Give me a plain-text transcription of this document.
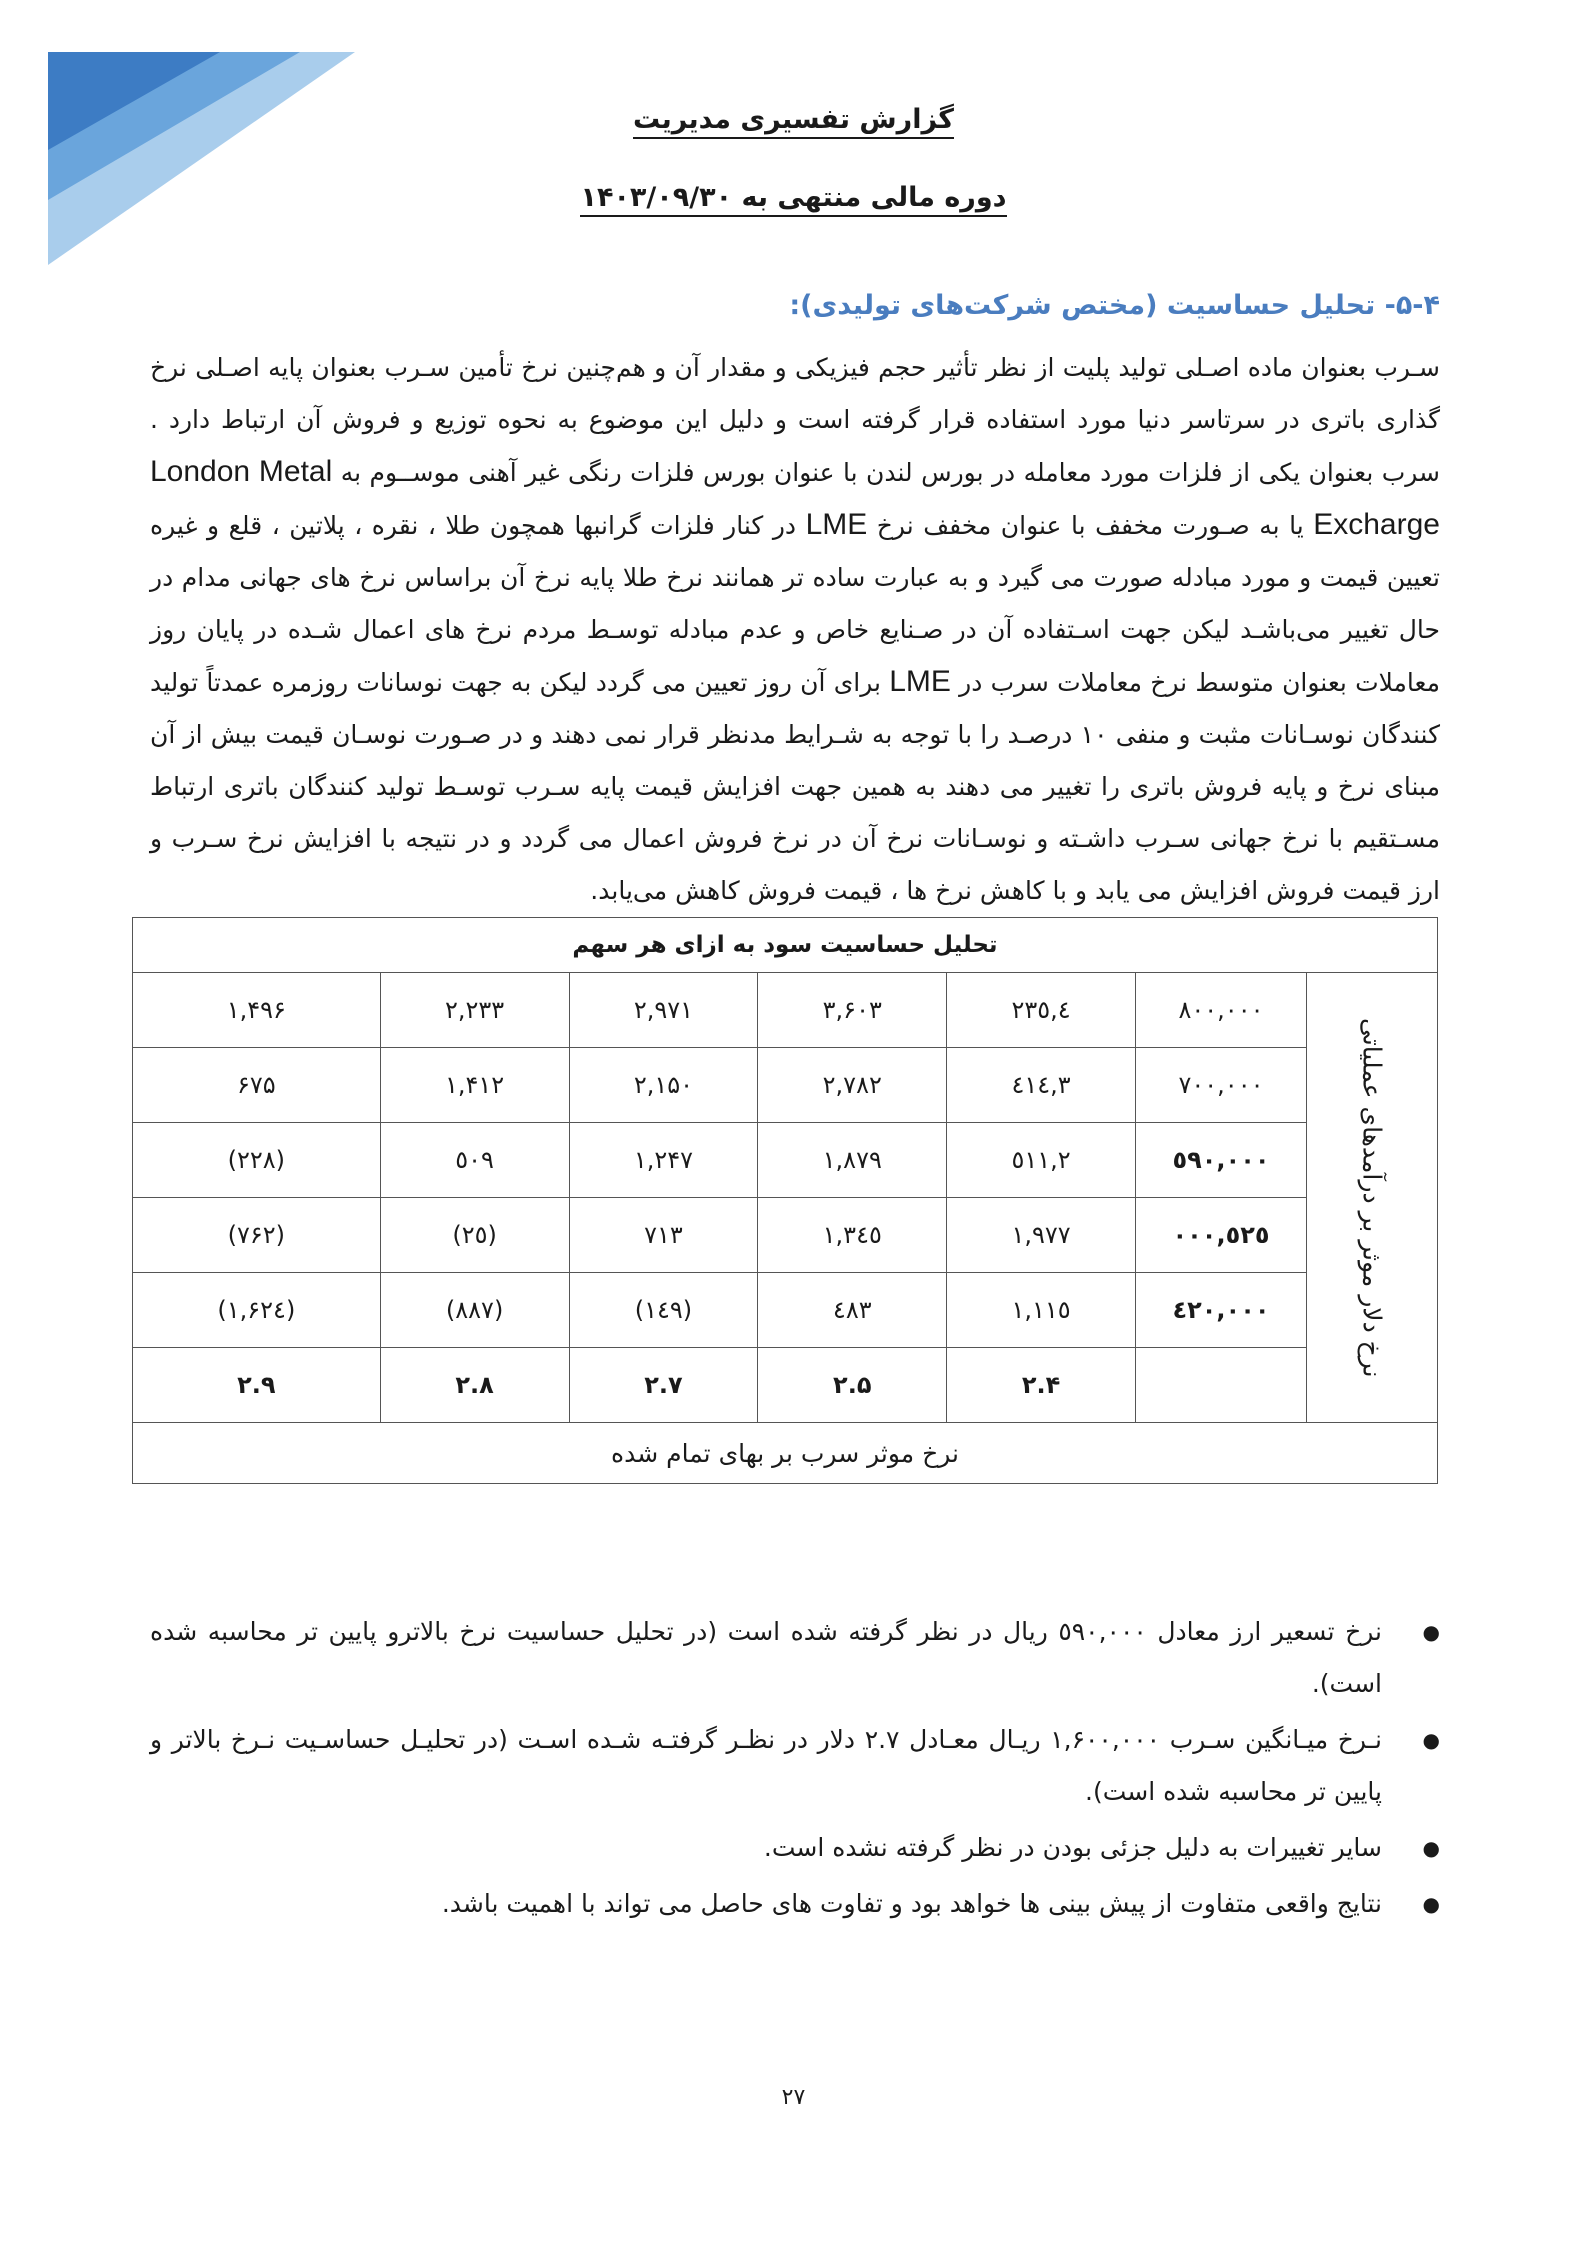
گزارش تفسیری مدیریت
دوره مالی منتهی به ۱۴۰۳/۰۹/۳۰
۵-۴- تحلیل حساسیت (مختص شرکت‌های تولیدی):

سـرب بعنوان ماده اصـلی تولید پلیت از نظر تأثیر حجم فیزیکی و مقدار آن و هم‌چنین نرخ تأمین سـرب بعنوان پایه اصـلی نرخ گذاری باتری در سرتاسر دنیا مورد استفاده قرار گرفته است و دلیل این موضوع به نحوه توزیع و فروش آن ارتباط دارد . سرب بعنوان یکی از فلزات مورد معامله در بورس لندن با عنوان بورس فلزات رنگی غیر آهنی موســوم به London Metal Excharge یا به صـورت مخفف با عنوان مخفف نرخ LME در کنار فلزات گرانبها همچون طلا ، نقره ، پلاتین ، قلع و غیره تعیین قیمت و مورد مبادله صورت می گیرد و به عبارت ساده تر همانند نرخ طلا پایه نرخ آن براساس نرخ های جهانی مدام در حال تغییر می‌باشـد لیکن جهت اسـتفاده آن در صـنایع خاص و عدم مبادله توسـط مردم نرخ های اعمال شـده در پایان روز معاملات بعنوان متوسط نرخ معاملات سرب در LME برای آن روز تعیین می گردد لیکن به جهت نوسانات روزمره عمدتاً تولید کنندگان نوسـانات مثبت و منفی ۱۰ درصـد را با توجه به شـرایط مدنظر قرار نمی دهند و در صـورت نوسـان قیمت بیش از آن مبنای نرخ و پایه فروش باتری را تغییر می دهند به همین جهت افزایش قیمت پایه سـرب توسـط تولید کنندگان باتری ارتباط مسـتقیم با نرخ جهانی سـرب داشـته و نوسـانات نرخ آن در نرخ فروش اعمال می گردد و در نتیجه با افزایش نرخ سـرب و ارز قیمت فروش افزایش می یابد و با کاهش نرخ ها ، قیمت فروش کاهش می‌یابد.

تحلیل حساسیت سود به ازای هر سهم						

نرخ دلار موثر بر درآمدهای عملیاتی	۸۰۰,۰۰۰	٤,۲۳٥	۳,۶۰۳	۲,۹۷۱	۲,۲۳۳	۱,۴۹۶
	۷۰۰,۰۰۰	۳,٤۱٤	۲,۷۸۲	۲,۱۵۰	۱,۴۱۲	۶۷۵
	٥۹۰,۰۰۰	۲,٥۱۱	۱,۸۷۹	۱,۲۴۷	٥۰۹	(۲۲۸)
	٥۲٥,۰۰۰	۱,۹۷۷	۱,۳٤٥	۷۱۳	(۲٥)	(۷۶۲)
	٤۲۰,۰۰۰	۱,۱۱٥	٤۸۳	(۱٤۹)	(۸۸۷)	(۱,۶۲٤)
		۲.۴	۲.۵	۲.۷	۲.۸	۲.۹
نرخ موثر سرب بر بهای تمام شده						
● نرخ تسعیر ارز معادل ٥۹۰,۰۰۰ ریال در نظر گرفته شده است (در تحلیل حساسیت نرخ بالاترو پایین تر محاسبه شده است).
● نـرخ میـانگین سـرب ۱,۶۰۰,۰۰۰ ریـال معـادل ۲.۷ دلار در نظـر گرفتـه شـده اسـت (در تحلیـل حساسـیت نـرخ بالاتر و پایین تر محاسبه شده است).
● سایر تغییرات به دلیل جزئی بودن در نظر گرفته نشده است.
● نتایج واقعی متفاوت از پیش بینی ها خواهد بود و تفاوت های حاصل می تواند با اهمیت باشد.
۲۷
